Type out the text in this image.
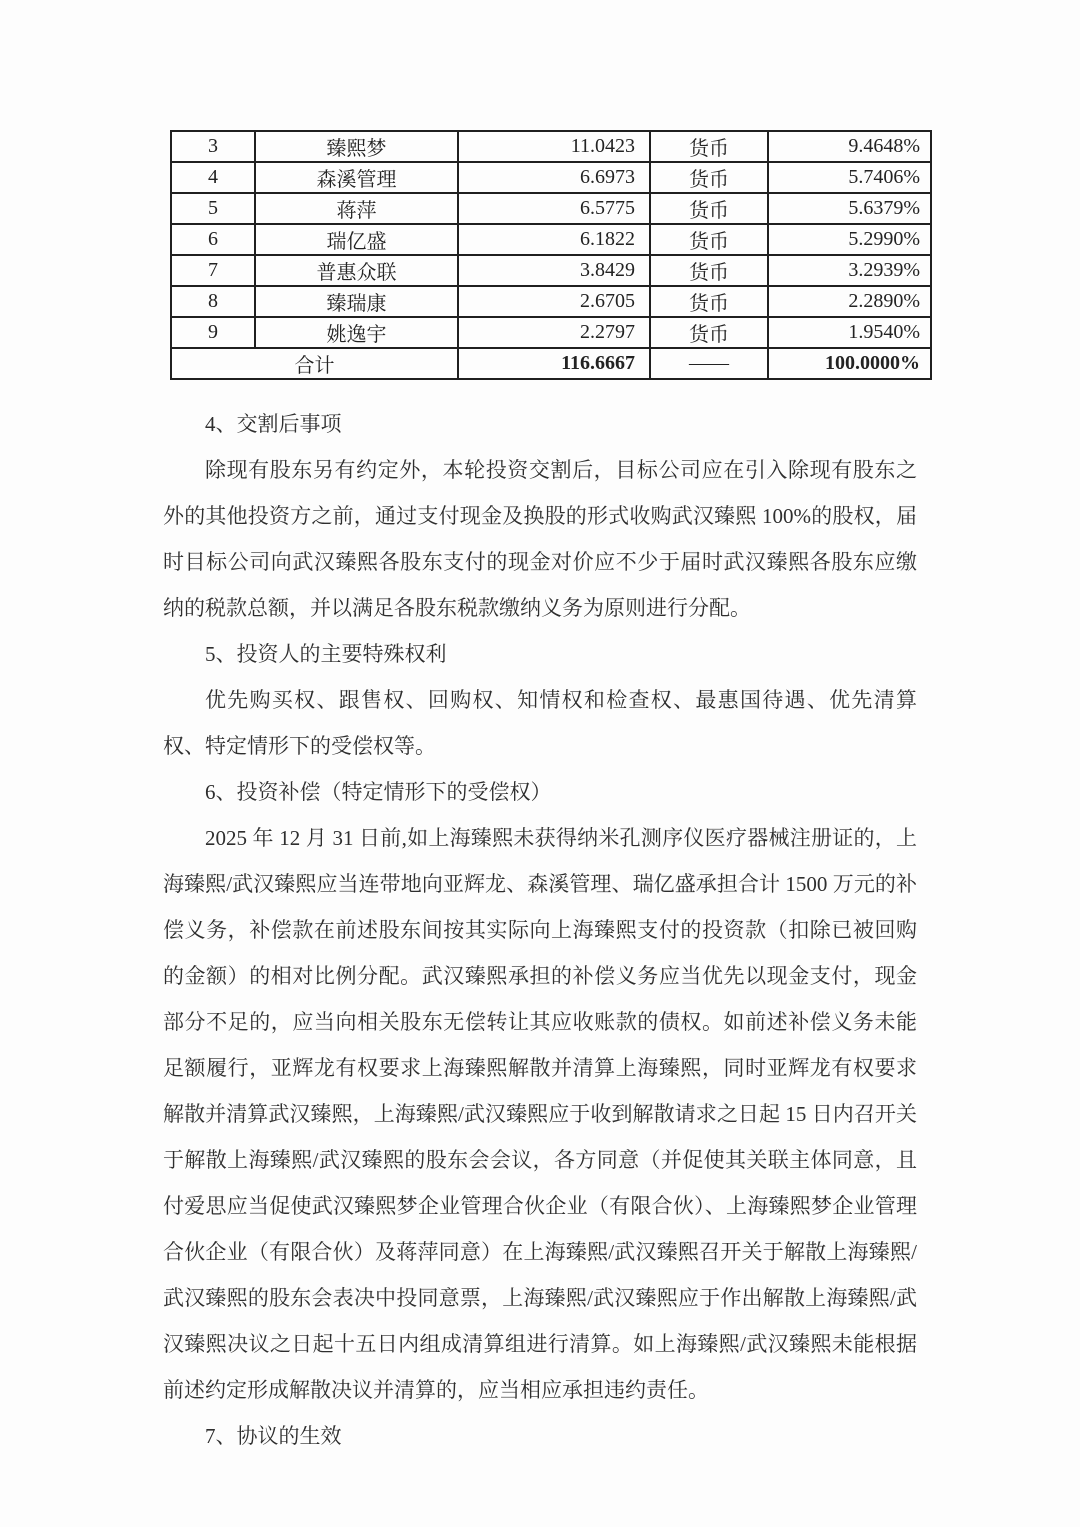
3	臻熙梦	11.0423	货币	9.4648%
4	森溪管理	6.6973	货币	5.7406%
5	蒋萍	6.5775	货币	5.6379%
6	瑞亿盛	6.1822	货币	5.2990%
7	普惠众联	3.8429	货币	3.2939%
8	臻瑞康	2.6705	货币	2.2890%
9	姚逸宇	2.2797	货币	1.9540%
合计		116.6667	——	100.0000%

4、交割后事项

除现有股东另有约定外，本轮投资交割后，目标公司应在引入除现有股东之外的其他投资方之前，通过支付现金及换股的形式收购武汉臻熙 100%的股权，届时目标公司向武汉臻熙各股东支付的现金对价应不少于届时武汉臻熙各股东应缴纳的税款总额，并以满足各股东税款缴纳义务为原则进行分配。

5、投资人的主要特殊权利

优先购买权、跟售权、回购权、知情权和检查权、最惠国待遇、优先清算权、特定情形下的受偿权等。

6、投资补偿（特定情形下的受偿权）

2025 年 12 月 31 日前,如上海臻熙未获得纳米孔测序仪医疗器械注册证的，上海臻熙/武汉臻熙应当连带地向亚辉龙、森溪管理、瑞亿盛承担合计 1500 万元的补偿义务，补偿款在前述股东间按其实际向上海臻熙支付的投资款（扣除已被回购的金额）的相对比例分配。武汉臻熙承担的补偿义务应当优先以现金支付，现金部分不足的，应当向相关股东无偿转让其应收账款的债权。如前述补偿义务未能足额履行，亚辉龙有权要求上海臻熙解散并清算上海臻熙，同时亚辉龙有权要求解散并清算武汉臻熙，上海臻熙/武汉臻熙应于收到解散请求之日起 15 日内召开关于解散上海臻熙/武汉臻熙的股东会会议，各方同意（并促使其关联主体同意，且付爱思应当促使武汉臻熙梦企业管理合伙企业（有限合伙）、上海臻熙梦企业管理合伙企业（有限合伙）及蒋萍同意）在上海臻熙/武汉臻熙召开关于解散上海臻熙/武汉臻熙的股东会表决中投同意票，上海臻熙/武汉臻熙应于作出解散上海臻熙/武汉臻熙决议之日起十五日内组成清算组进行清算。如上海臻熙/武汉臻熙未能根据前述约定形成解散决议并清算的，应当相应承担违约责任。

7、协议的生效
